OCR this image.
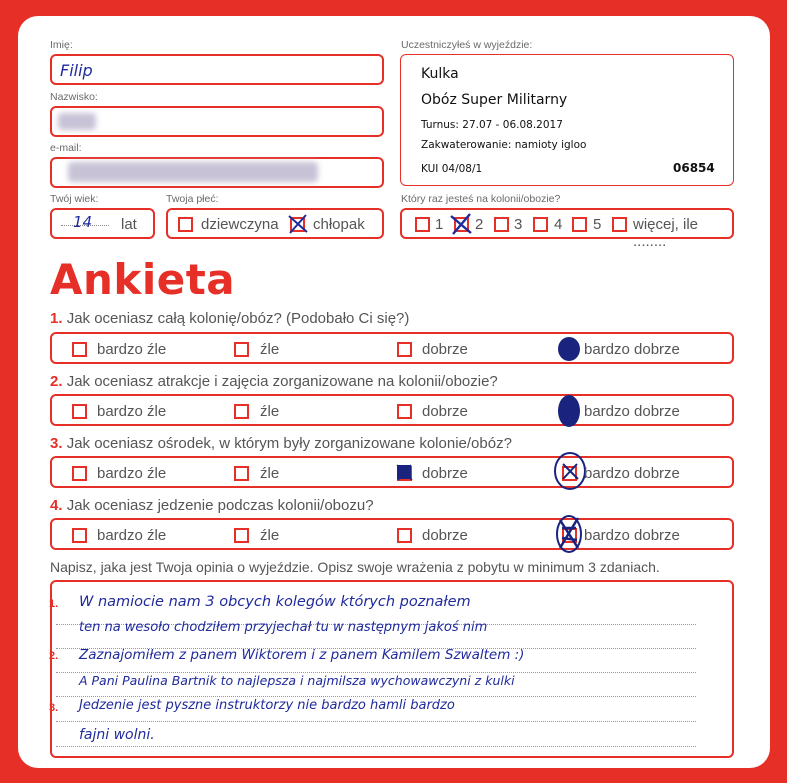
Imię:
Filip
Nazwisko:
e-mail:
Twój wiek:
14 lat
Twoja płeć:
dziewczyna chłopak
Uczestniczyłeś w wyjeździe:
Kulka
Obóz Super Militarny
Turnus: 27.07 - 06.08.2017
Zakwaterowanie: namioty igloo
KUI 04/08/1	06854
Który raz jesteś na kolonii/obozie?
1 2 3 4 5 więcej, ile ........
Ankieta
1. Jak oceniasz całą kolonię/obóz? (Podobało Ci się?)
bardzo źle	źle	dobrze	bardzo dobrze
2. Jak oceniasz atrakcje i zajęcia zorganizowane na kolonii/obozie?
bardzo źle	źle	dobrze	bardzo dobrze
3. Jak oceniasz ośrodek, w którym były zorganizowane kolonie/obóz?
bardzo źle	źle	dobrze	bardzo dobrze
4. Jak oceniasz jedzenie podczas kolonii/obozu?
bardzo źle	źle	dobrze	bardzo dobrze
Napisz, jaka jest Twoja opinia o wyjeździe. Opisz swoje wrażenia z pobytu w minimum 3 zdaniach.
1.
2.
3.
W namiocie nam 3 obcych kolegów których poznałem
ten na wesoło chodziłem przyjechał tu w następnym jakoś nim
Zaznajomiłem z panem Wiktorem i z panem Kamilem Szwaltem :)
A Pani Paulina Bartnik to najlepsza i najmilsza wychowawczyni z kulki
Jedzenie jest pyszne instruktorzy nie bardzo hamli bardzo
fajni wolni.
